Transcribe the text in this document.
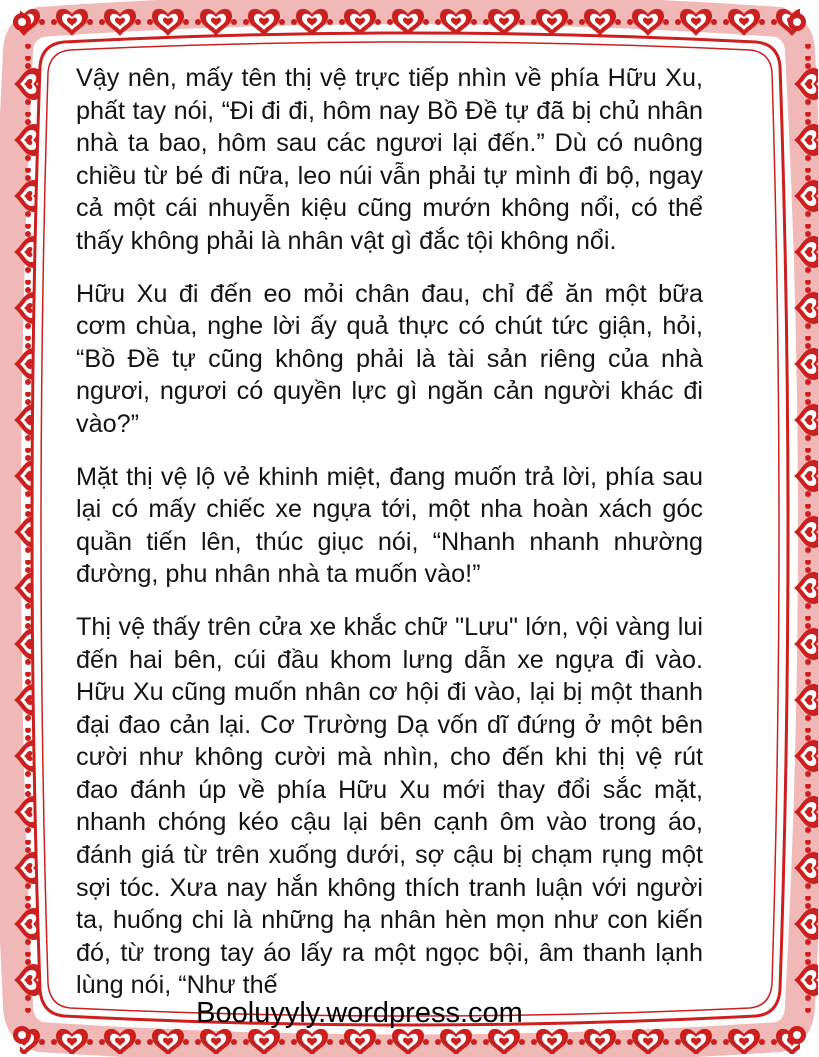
Vậy nên, mấy tên thị vệ trực tiếp nhìn về phía Hữu Xu, phất tay nói, “Đi đi đi, hôm nay Bồ Đề tự đã bị chủ nhân nhà ta bao, hôm sau các ngươi lại đến.” Dù có nuông chiều từ bé đi nữa, leo núi vẫn phải tự mình đi bộ, ngay cả một cái nhuyễn kiệu cũng mướn không nổi, có thể thấy không phải là nhân vật gì đắc tội không nổi.

Hữu Xu đi đến eo mỏi chân đau, chỉ để ăn một bữa cơm chùa, nghe lời ấy quả thực có chút tức giận, hỏi, “Bồ Đề tự cũng không phải là tài sản riêng của nhà ngươi, ngươi có quyền lực gì ngăn cản người khác đi vào?”

Mặt thị vệ lộ vẻ khinh miệt, đang muốn trả lời, phía sau lại có mấy chiếc xe ngựa tới, một nha hoàn xách góc quần tiến lên, thúc giục nói, “Nhanh nhanh nhường đường, phu nhân nhà ta muốn vào!”

Thị vệ thấy trên cửa xe khắc chữ "Lưu" lớn, vội vàng lui đến hai bên, cúi đầu khom lưng dẫn xe ngựa đi vào. Hữu Xu cũng muốn nhân cơ hội đi vào, lại bị một thanh đại đao cản lại. Cơ Trường Dạ vốn dĩ đứng ở một bên cười như không cười mà nhìn, cho đến khi thị vệ rút đao đánh úp về phía Hữu Xu mới thay đổi sắc mặt, nhanh chóng kéo cậu lại bên cạnh ôm vào trong áo, đánh giá từ trên xuống dưới, sợ cậu bị chạm rụng một sợi tóc. Xưa nay hắn không thích tranh luận với người ta, huống chi là những hạ nhân hèn mọn như con kiến đó, từ trong tay áo lấy ra một ngọc bội, âm thanh lạnh lùng nói, “Như thế

Booluyyly.wordpress.com
